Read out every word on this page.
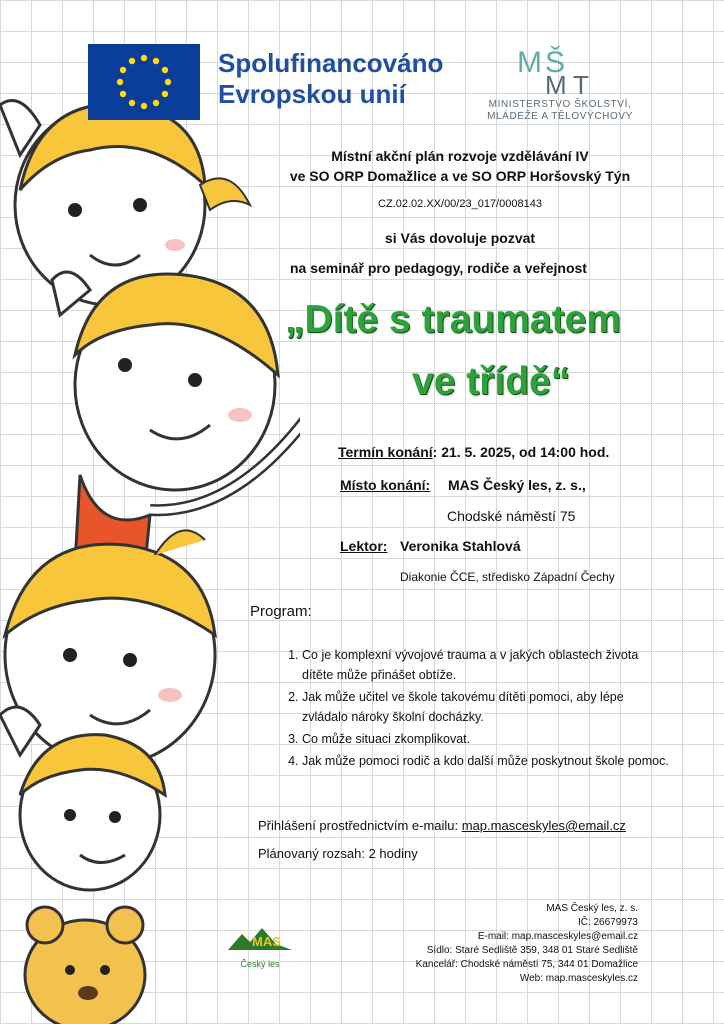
Spolufinancováno
Evropskou unií
M Š
M T
MINISTERSTVO ŠKOLSTVÍ,
MLÁDEŽE A TĚLOVÝCHOVY
Místní akční plán rozvoje vzdělávání IV
ve SO ORP Domažlice a ve SO ORP Horšovský Týn
CZ.02.02.XX/00/23_017/0008143
si Vás dovoluje pozvat
na seminář pro pedagogy, rodiče a veřejnost
„Dítě s traumatem
ve třídě“
Termín konání: 21. 5. 2025, od 14:00 hod.
Místo konání: MAS Český les, z. s.,
Chodské náměstí 75
Lektor: Veronika Stahlová
Diakonie ČCE, středisko Západní Čechy
Program:
1. Co je komplexní vývojové trauma a v jakých oblastech života dítěte může přinášet obtíže.
2. Jak může učitel ve škole takovému dítěti pomoci, aby lépe zvládalo nároky školní docházky.
3. Co může situaci zkomplikovat.
4. Jak může pomoci rodič a kdo další může poskytnout škole pomoc.
Přihlášení prostřednictvím e-mailu: map.masceskyles@email.cz
Plánovaný rozsah: 2 hodiny
MAS
Český les
MAS Český les, z. s.
IČ: 26679973
E-mail: map.masceskyles@email.cz
Sídlo: Staré Sedliště 359, 348 01 Staré Sedliště
Kancelář: Chodské náměstí 75, 344 01 Domažlice
Web: map.masceskyles.cz
